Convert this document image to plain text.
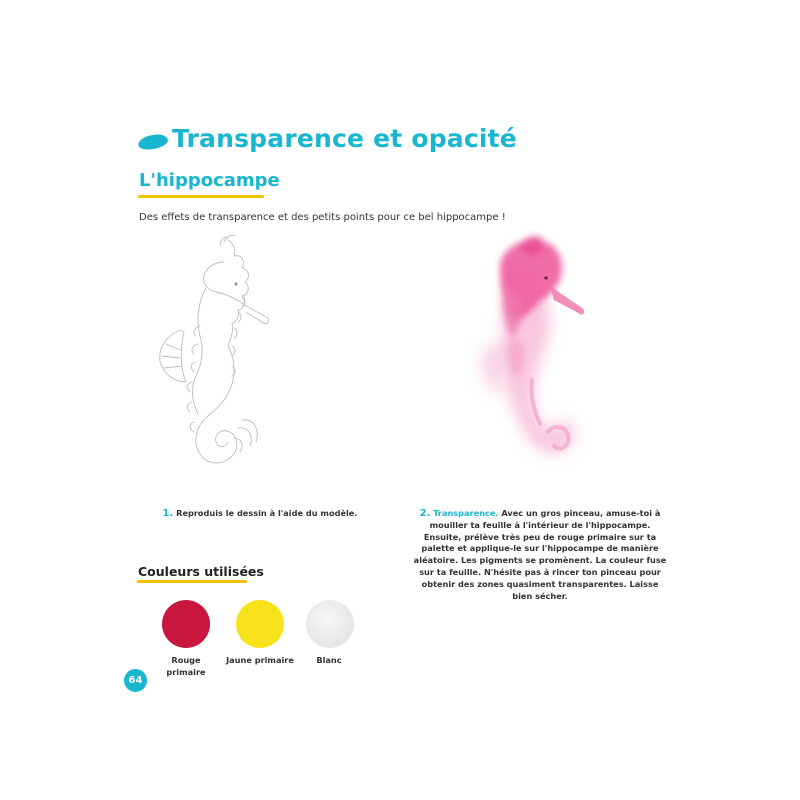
Transparence et opacité
L'hippocampe
Des effets de transparence et des petits points pour ce bel hippocampe !
1. Reproduis le dessin à l'aide du modèle.	2. Transparence. Avec un gros pinceau, amuse-toi à mouiller ta feuille à l'intérieur de l'hippocampe. Ensuite, prélève très peu de rouge primaire sur ta palette et applique-le sur l'hippocampe de manière aléatoire. Les pigments se promènent. La couleur fuse sur ta feuille. N'hésite pas à rincer ton pinceau pour obtenir des zones quasiment transparentes. Laisse bien sécher.
Couleurs utilisées
Rouge primaire
Jaune primaire	Blanc
64
